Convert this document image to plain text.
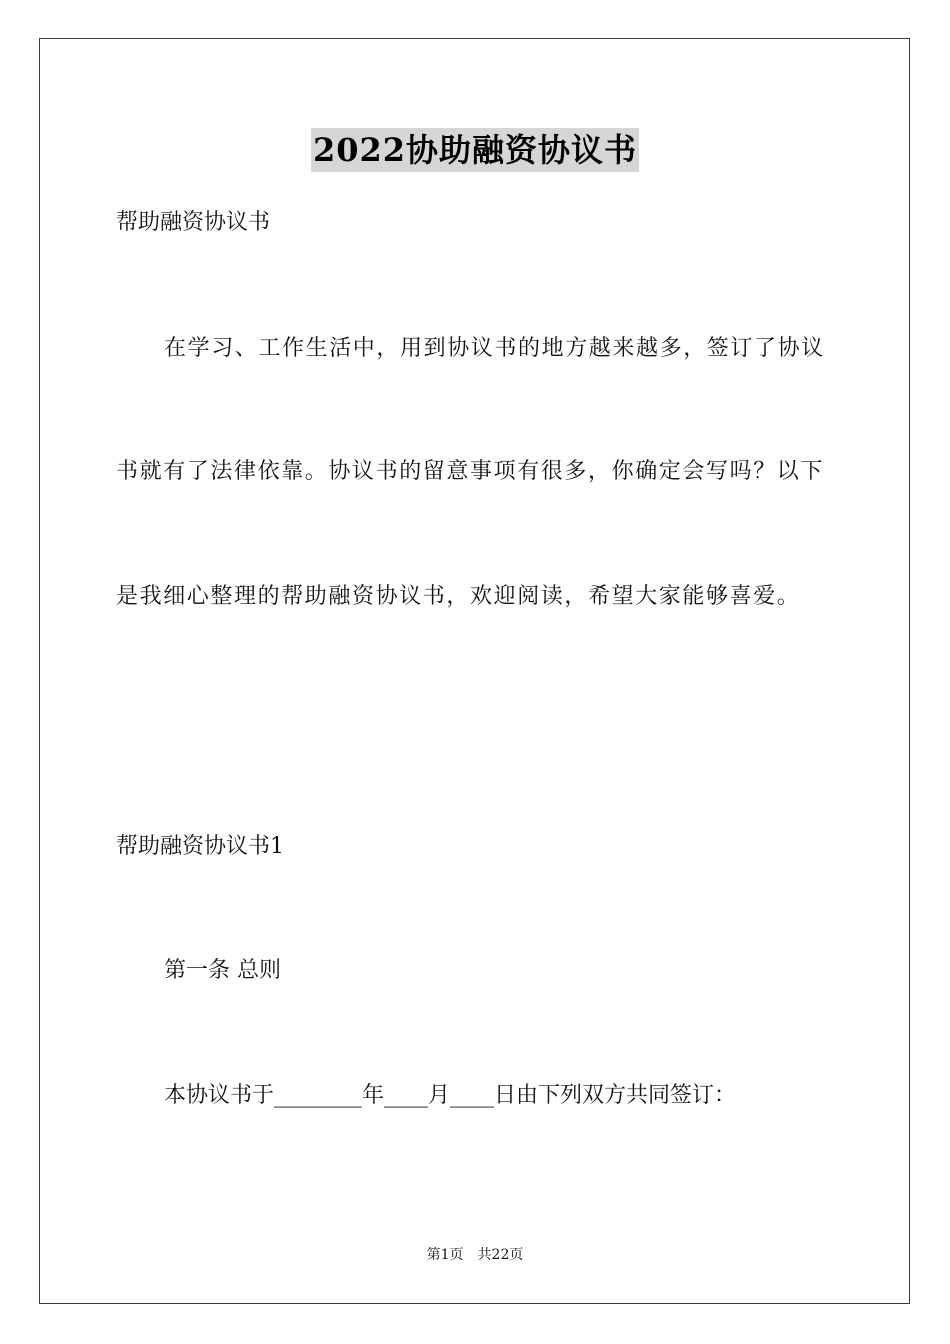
2022协助融资协议书
帮助融资协议书
在学习、工作生活中，用到协议书的地方越来越多，签订了协议
书就有了法律依靠。协议书的留意事项有很多，你确定会写吗？以下
是我细心整理的帮助融资协议书，欢迎阅读，希望大家能够喜爱。
帮助融资协议书1
第一条 总则
本协议书于________年____月____日由下列双方共同签订：
第1页　共22页
